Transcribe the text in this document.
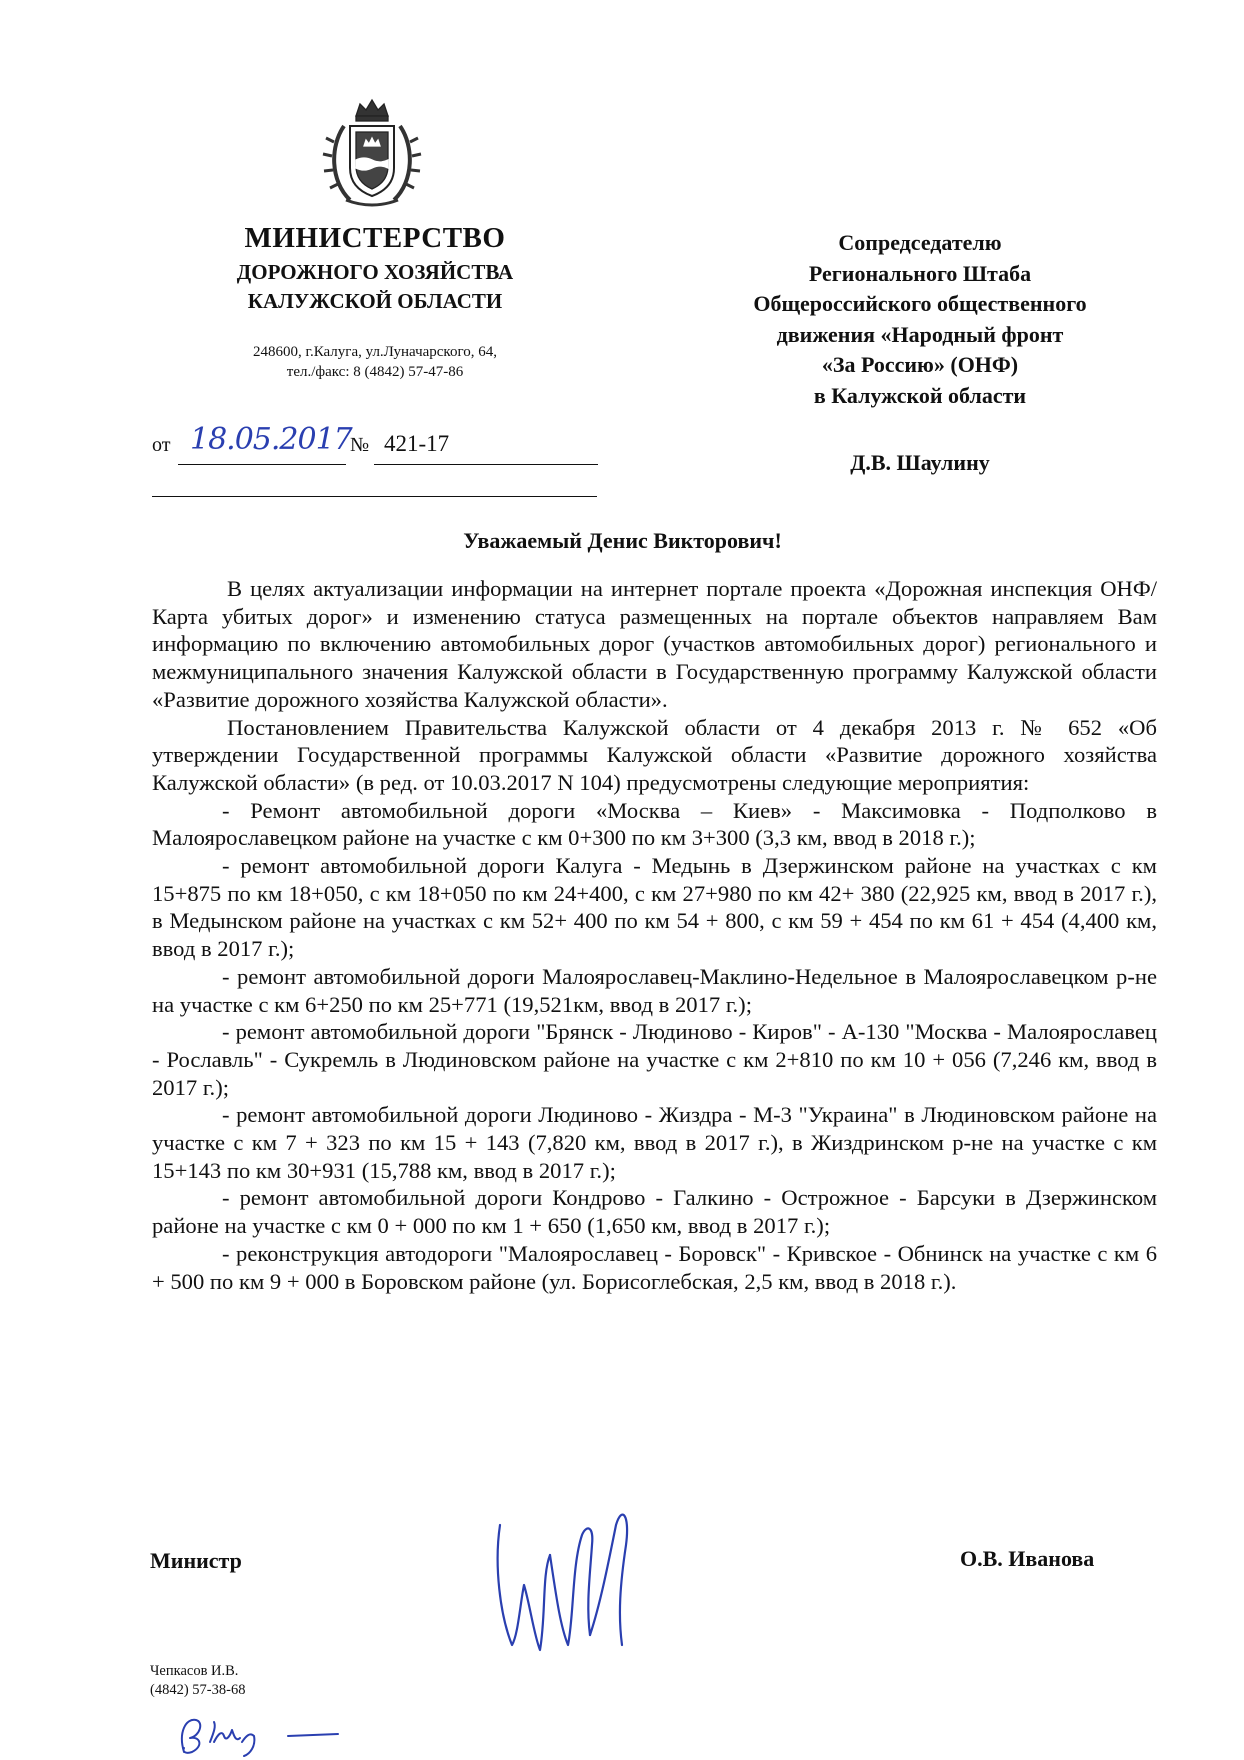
МИНИСТЕРСТВО
ДОРОЖНОГО ХОЗЯЙСТВА
КАЛУЖСКОЙ ОБЛАСТИ
248600, г.Калуга, ул.Луначарского, 64,
тел./факс: 8 (4842) 57-47-86
от 18.05.2017
№ 421-17
Сопредседателю
Регионального Штаба
Общероссийского общественного
движения «Народный фронт
«За Россию» (ОНФ)
в Калужской области
Д.В. Шаулину
Уважаемый Денис Викторович!

В целях актуализации информации на интернет портале проекта «Дорожная инспекция ОНФ/Карта убитых дорог» и изменению статуса размещенных на портале объектов направляем Вам информацию по включению автомобильных дорог (участков автомобильных дорог) регионального и межмуниципального значения Калужской области в Государственную программу Калужской области «Развитие дорожного хозяйства Калужской области».

Постановлением Правительства Калужской области от 4 декабря 2013 г. № 652 «Об утверждении Государственной программы Калужской области «Развитие дорожного хозяйства Калужской области» (в ред. от 10.03.2017 N 104) предусмотрены следующие мероприятия:

- Ремонт автомобильной дороги «Москва – Киев» - Максимовка - Подполково в Малоярославецком районе на участке с км 0+300 по км 3+300 (3,3 км, ввод в 2018 г.);

- ремонт автомобильной дороги Калуга - Медынь в Дзержинском районе на участках с км 15+875 по км 18+050, с км 18+050 по км 24+400, с км 27+980 по км 42+ 380 (22,925 км, ввод в 2017 г.), в Медынском районе на участках с км 52+ 400 по км 54 + 800, с км 59 + 454 по км 61 + 454 (4,400 км, ввод в 2017 г.);

- ремонт автомобильной дороги Малоярославец-Маклино-Недельное в Малоярославецком р-не на участке с км 6+250 по км 25+771 (19,521км, ввод в 2017 г.);

- ремонт автомобильной дороги "Брянск - Людиново - Киров" - А-130 "Москва - Малоярославец - Рославль" - Сукремль в Людиновском районе на участке с км 2+810 по км 10 + 056 (7,246 км, ввод в 2017 г.);

- ремонт автомобильной дороги Людиново - Жиздра - М-3 "Украина" в Людиновском районе на участке с км 7 + 323 по км 15 + 143 (7,820 км, ввод в 2017 г.), в Жиздринском р-не на участке с км 15+143 по км 30+931 (15,788 км, ввод в 2017 г.);

- ремонт автомобильной дороги Кондрово - Галкино - Острожное - Барсуки в Дзержинском районе на участке с км 0 + 000 по км 1 + 650 (1,650 км, ввод в 2017 г.);

- реконструкция автодороги "Малоярославец - Боровск" - Кривское - Обнинск на участке с км 6 + 500 по км 9 + 000 в Боровском районе (ул. Борисоглебская, 2,5 км, ввод в 2018 г.).

Министр	О.В. Иванова
Чепкасов И.В.
(4842) 57-38-68
